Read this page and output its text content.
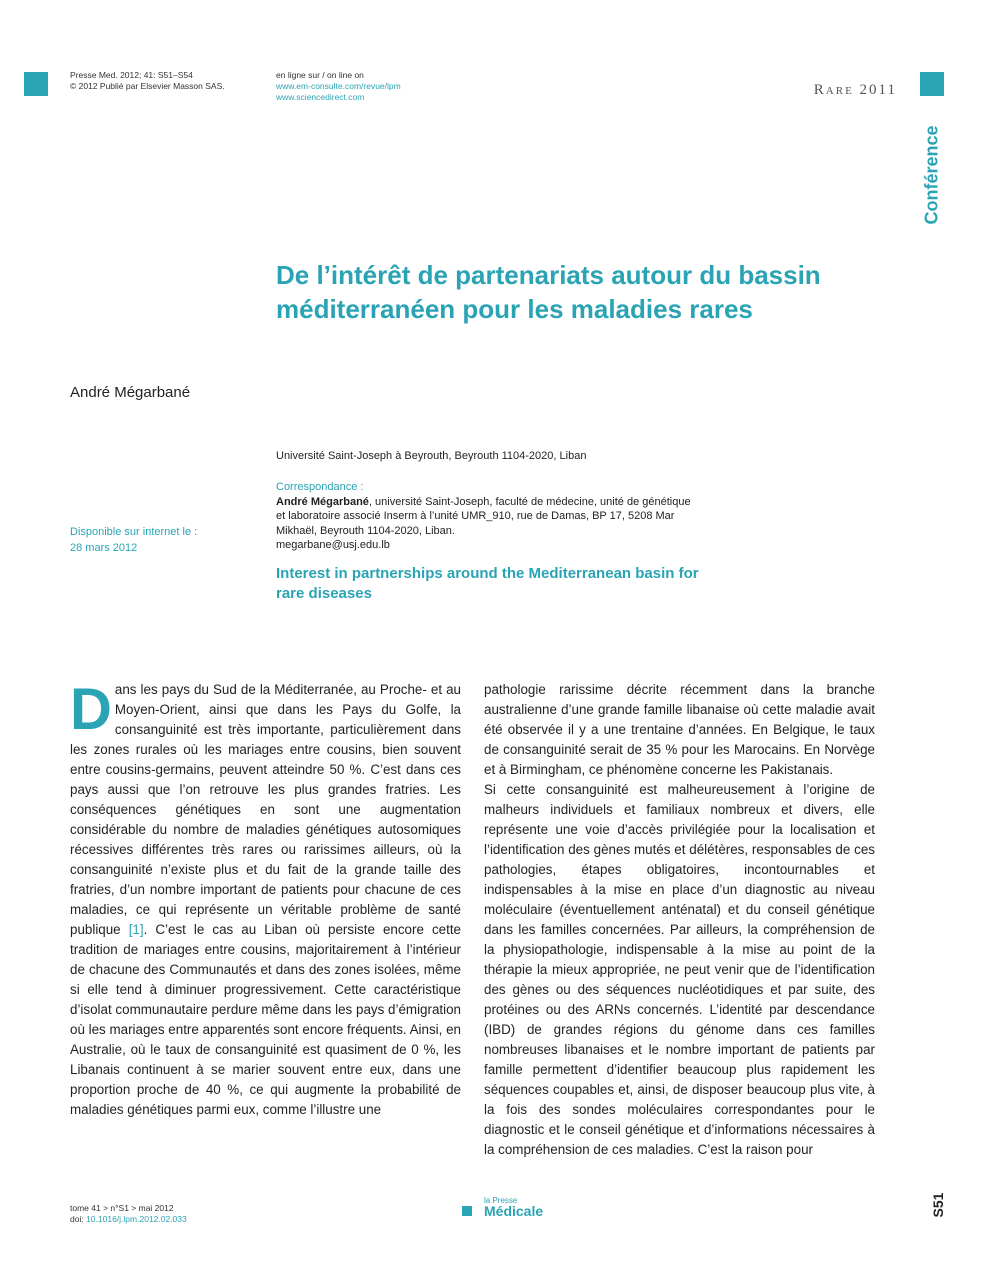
Presse Med. 2012; 41: S51–S54
© 2012 Publié par Elsevier Masson SAS.
en ligne sur / on line on
www.em-consulte.com/revue/lpm
www.sciencedirect.com	Rare 2011
Conférence
De l’intérêt de partenariats autour du bassin méditerranéen pour les maladies rares
André Mégarbané
Université Saint-Joseph à Beyrouth, Beyrouth 1104-2020, Liban
Correspondance :
André Mégarbané, université Saint-Joseph, faculté de médecine, unité de génétique et laboratoire associé Inserm à l’unité UMR_910, rue de Damas, BP 17, 5208 Mar Mikhaël, Beyrouth 1104-2020, Liban.
megarbane@usj.edu.lb
Disponible sur internet le :
28 mars 2012
Interest in partnerships around the Mediterranean basin for rare diseases

Dans les pays du Sud de la Méditerranée, au Proche- et au Moyen-Orient, ainsi que dans les Pays du Golfe, la consanguinité est très importante, particulièrement dans les zones rurales où les mariages entre cousins, bien souvent entre cousins-germains, peuvent atteindre 50 %. C’est dans ces pays aussi que l’on retrouve les plus grandes fratries. Les conséquences génétiques en sont une augmentation considérable du nombre de maladies génétiques autosomiques récessives différentes très rares ou rarissimes ailleurs, où la consanguinité n’existe plus et du fait de la grande taille des fratries, d’un nombre important de patients pour chacune de ces maladies, ce qui représente un véritable problème de santé publique [1]. C’est le cas au Liban où persiste encore cette tradition de mariages entre cousins, majoritairement à l’intérieur de chacune des Communautés et dans des zones isolées, même si elle tend à diminuer progressivement. Cette caractéristique d’isolat communautaire perdure même dans les pays d’émigration où les mariages entre apparentés sont encore fréquents. Ainsi, en Australie, où le taux de consanguinité est quasiment de 0 %, les Libanais continuent à se marier souvent entre eux, dans une proportion proche de 40 %, ce qui augmente la probabilité de maladies génétiques parmi eux, comme l’illustre une

pathologie rarissime décrite récemment dans la branche australienne d’une grande famille libanaise où cette maladie avait été observée il y a une trentaine d’années. En Belgique, le taux de consanguinité serait de 35 % pour les Marocains. En Norvège et à Birmingham, ce phénomène concerne les Pakistanais.

Si cette consanguinité est malheureusement à l’origine de malheurs individuels et familiaux nombreux et divers, elle représente une voie d’accès privilégiée pour la localisation et l’identification des gènes mutés et délétères, responsables de ces pathologies, étapes obligatoires, incontournables et indispensables à la mise en place d’un diagnostic au niveau moléculaire (éventuellement anténatal) et du conseil génétique dans les familles concernées. Par ailleurs, la compréhension de la physiopathologie, indispensable à la mise au point de la thérapie la mieux appropriée, ne peut venir que de l’identification des gènes ou des séquences nucléotidiques et par suite, des protéines ou des ARNs concernés. L’identité par descendance (IBD) de grandes régions du génome dans ces familles nombreuses libanaises et le nombre important de patients par famille permettent d’identifier beaucoup plus rapidement les séquences coupables et, ainsi, de disposer beaucoup plus vite, à la fois des sondes moléculaires correspondantes pour le diagnostic et le conseil génétique et d’informations nécessaires à la compréhension de ces maladies. C’est la raison pour

tome 41 > n°S1 > mai 2012
doi: 10.1016/j.lpm.2012.02.033
la Presse
Médicale	S51
